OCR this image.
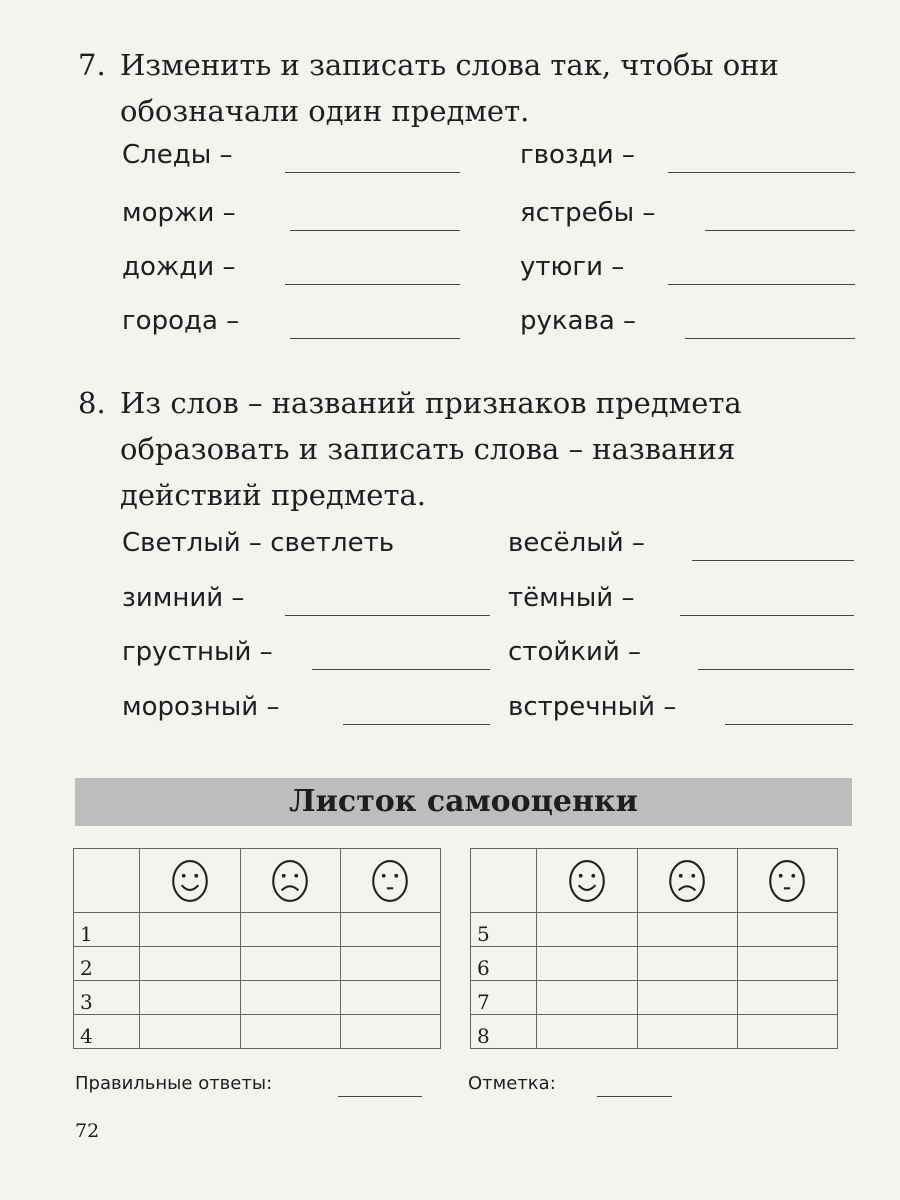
7. Изменить и записать слова так, чтобы они обозначали один предмет.
Следы –	гвозди –
моржи –	ястребы –
дожди –	утюги –
города –	рукава –
8. Из слов – названий признаков предмета образовать и записать слова – названия действий предмета.
Светлый – светлеть	весёлый –
зимний –	тёмный –
грустный –	стойкий –
морозный –	встречный –
Листок самооценки

1			
2			
3			
4			

5			
6			
7			
8			
Правильные ответы:	Отметка:
72
